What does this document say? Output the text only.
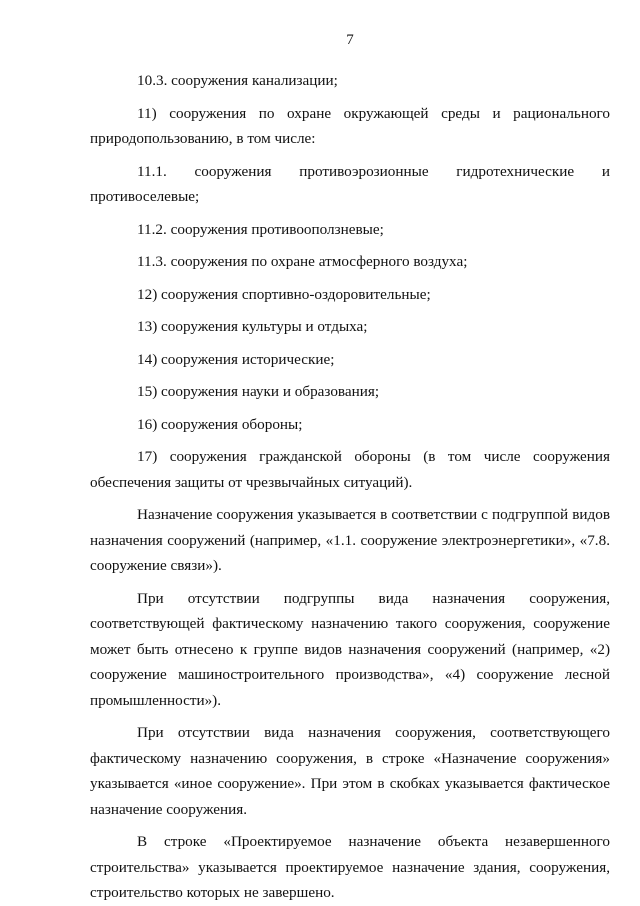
7

10.3. сооружения канализации;

11) сооружения по охране окружающей среды и рационального природопользованию, в том числе:

11.1. сооружения противоэрозионные гидротехнические и противоселевые;

11.2. сооружения противооползневые;

11.3. сооружения по охране атмосферного воздуха;

12) сооружения спортивно-оздоровительные;

13) сооружения культуры и отдыха;

14) сооружения исторические;

15) сооружения науки и образования;

16) сооружения обороны;

17) сооружения гражданской обороны (в том числе сооружения обеспечения защиты от чрезвычайных ситуаций).

Назначение сооружения указывается в соответствии с подгруппой видов назначения сооружений (например, «1.1. сооружение электроэнергетики», «7.8. сооружение связи»).

При отсутствии подгруппы вида назначения сооружения, соответствующей фактическому назначению такого сооружения, сооружение может быть отнесено к группе видов назначения сооружений (например, «2) сооружение машиностроительного производства», «4) сооружение лесной промышленности»).

При отсутствии вида назначения сооружения, соответствующего фактическому назначению сооружения, в строке «Назначение сооружения» указывается «иное сооружение». При этом в скобках указывается фактическое назначение сооружения.

В строке «Проектируемое назначение объекта незавершенного строительства» указывается проектируемое назначение здания, сооружения, строительство которых не завершено.
